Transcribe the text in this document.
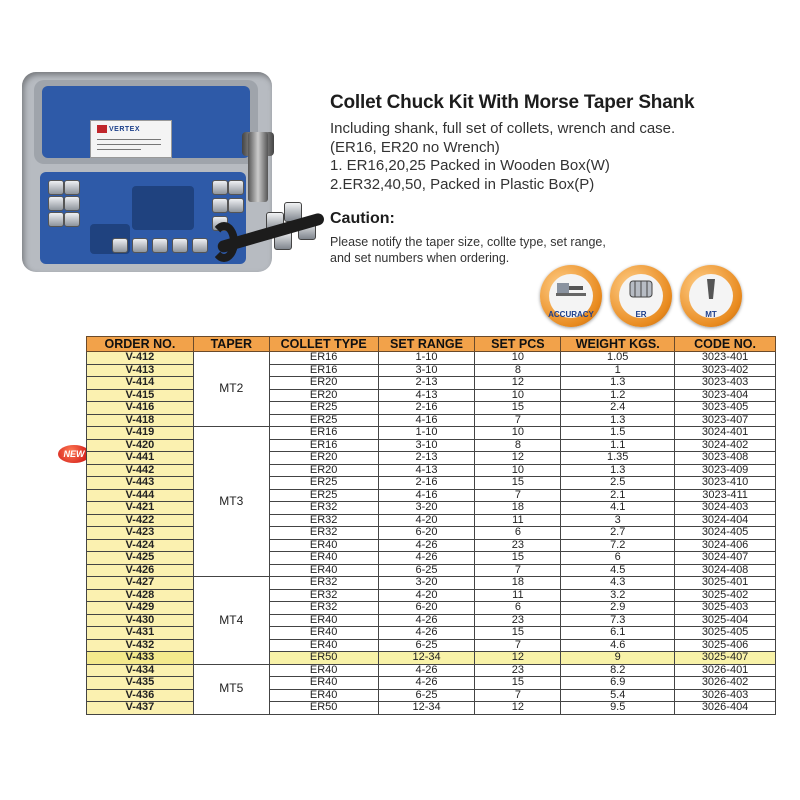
VERTEX
Collet Chuck Kit With Morse Taper Shank
Including shank, full set of collets, wrench and case.
(ER16, ER20 no Wrench)
1. ER16,20,25 Packed in Wooden Box(W)
2.ER32,40,50, Packed in Plastic Box(P)
Caution:
Please notify the taper size, collte type, set range,
and set numbers when ordering.
ACCURACY	ER	MT
NEW
ORDER NO.	TAPER	COLLET TYPE	SET RANGE	SET PCS	WEIGHT KGS.	CODE NO.
V-412	MT2	ER16	1-10	10	1.05	3023-401
V-413		ER16	3-10	8	1	3023-402
V-414		ER20	2-13	12	1.3	3023-403
V-415		ER20	4-13	10	1.2	3023-404
V-416		ER25	2-16	15	2.4	3023-405
V-418		ER25	4-16	7	1.3	3023-407
V-419	MT3	ER16	1-10	10	1.5	3024-401
V-420		ER16	3-10	8	1.1	3024-402
V-441		ER20	2-13	12	1.35	3023-408
V-442		ER20	4-13	10	1.3	3023-409
V-443		ER25	2-16	15	2.5	3023-410
V-444		ER25	4-16	7	2.1	3023-411
V-421		ER32	3-20	18	4.1	3024-403
V-422		ER32	4-20	11	3	3024-404
V-423		ER32	6-20	6	2.7	3024-405
V-424		ER40	4-26	23	7.2	3024-406
V-425		ER40	4-26	15	6	3024-407
V-426		ER40	6-25	7	4.5	3024-408
V-427	MT4	ER32	3-20	18	4.3	3025-401
V-428		ER32	4-20	11	3.2	3025-402
V-429		ER32	6-20	6	2.9	3025-403
V-430		ER40	4-26	23	7.3	3025-404
V-431		ER40	4-26	15	6.1	3025-405
V-432		ER40	6-25	7	4.6	3025-406
V-433		ER50	12-34	12	9	3025-407
V-434	MT5	ER40	4-26	23	8.2	3026-401
V-435		ER40	4-26	15	6.9	3026-402
V-436		ER40	6-25	7	5.4	3026-403
V-437		ER50	12-34	12	9.5	3026-404
